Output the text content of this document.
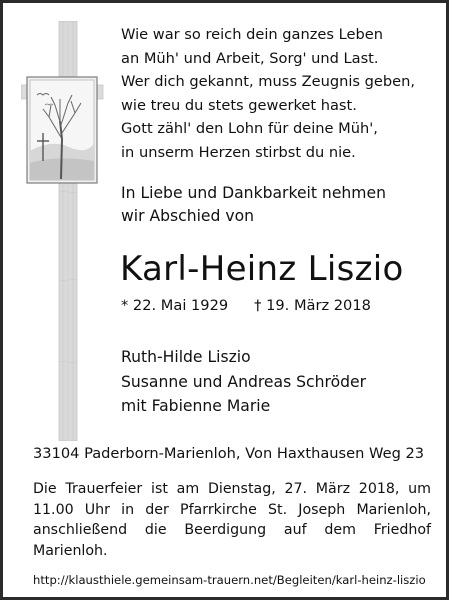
Wie war so reich dein ganzes Leben
an Müh' und Arbeit, Sorg' und Last.
Wer dich gekannt, muss Zeugnis geben,
wie treu du stets gewerket hast.
Gott zähl' den Lohn für deine Müh',
in unserm Herzen stirbst du nie.
In Liebe und Dankbarkeit nehmen
wir Abschied von
Karl-Heinz Liszio
* 22. Mai 1929 † 19. März 2018
Ruth-Hilde Liszio
Susanne und Andreas Schröder
mit Fabienne Marie
33104 Paderborn-Marienloh, Von Haxthausen Weg 23
Die Trauerfeier ist am Dienstag, 27. März 2018, um 11.00 Uhr in der Pfarrkirche St. Joseph Marienloh, anschließend die Beerdigung auf dem Friedhof Marienloh.
http://klausthiele.gemeinsam-trauern.net/Begleiten/karl-heinz-liszio
